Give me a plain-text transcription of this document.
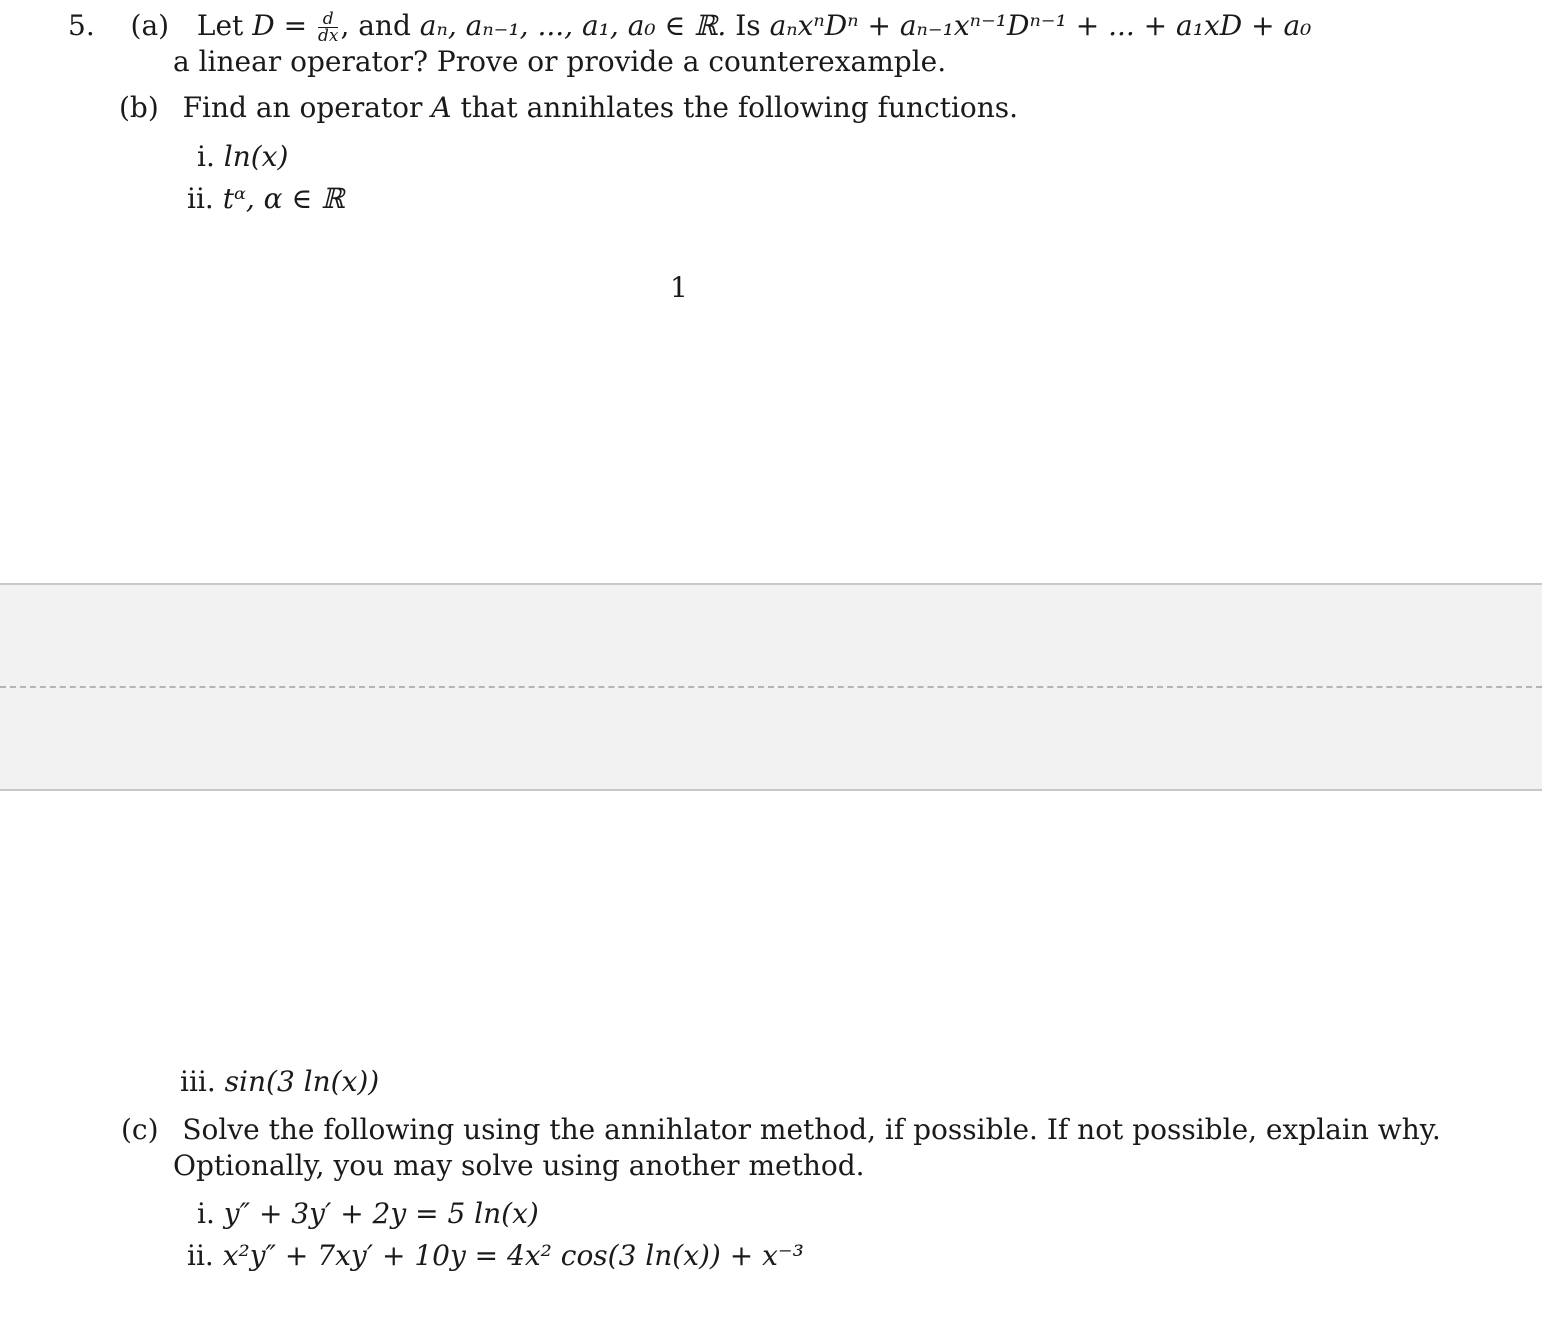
5. (a) Let $D = \frac{d}{dx}$ , and aₙ, aₙ₋₁, ..., a₁, a₀ ∈ ℝ. Is aₙxⁿDⁿ + aₙ₋₁xⁿ⁻¹Dⁿ⁻¹ + ... + a₁xD + a₀
a linear operator? Prove or provide a counterexample.
(b) Find an operator A that annihlates the following functions.
i. ln(x)
ii. tᵅ, α ∈ ℝ
1
iii. sin(3 ln(x))
(c) Solve the following using the annihlator method, if possible. If not possible, explain why.
Optionally, you may solve using another method.
i. y″ + 3y′ + 2y = 5 ln(x)
ii. x²y″ + 7xy′ + 10y = 4x² cos(3 ln(x)) + x⁻³
